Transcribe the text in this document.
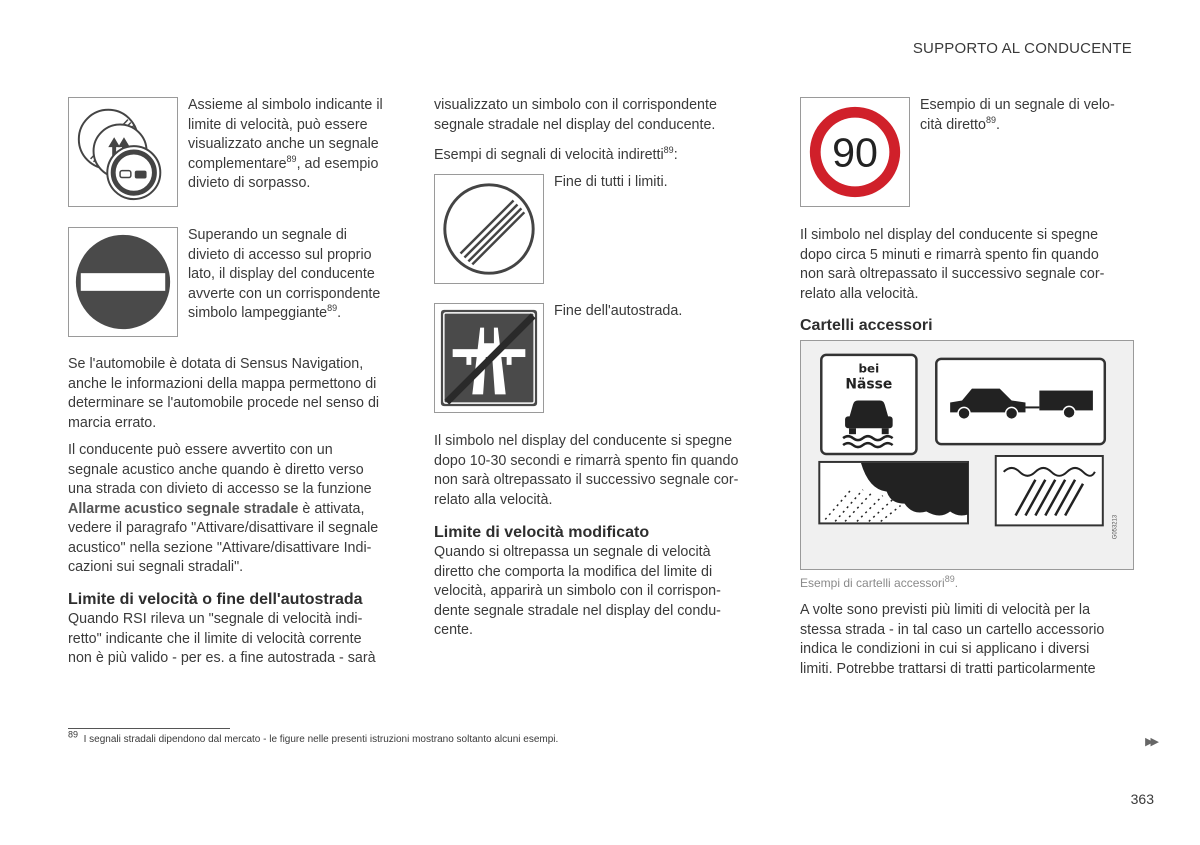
SUPPORTO AL CONDUCENTE

Assieme al simbolo indicante il
limite di velocità, può essere
visualizzato anche un segnale
complementare$^{89}$, ad esempio
divieto di sorpasso.

Superando un segnale di
divieto di accesso sul proprio
lato, il display del conducente
avverte con un corrispondente
simbolo lampeggiante$^{89}$.

Se l'automobile è dotata di Sensus Navigation,
anche le informazioni della mappa permettono di
determinare se l'automobile procede nel senso di
marcia errato.

Il conducente può essere avvertito con un
segnale acustico anche quando è diretto verso
una strada con divieto di accesso se la funzione
Allarme acustico segnale stradale è attivata,
vedere il paragrafo "Attivare/disattivare il segnale
acustico" nella sezione "Attivare/disattivare Indi-
cazioni sui segnali stradali".

Limite di velocità o fine dell'autostrada

Quando RSI rileva un "segnale di velocità indi-
retto" indicante che il limite di velocità corrente
non è più valido - per es. a fine autostrada - sarà

visualizzato un simbolo con il corrispondente
segnale stradale nel display del conducente.

Esempi di segnali di velocità indiretti$^{89}$:

Fine di tutti i limiti.

Fine dell'autostrada.

Il simbolo nel display del conducente si spegne
dopo 10-30 secondi e rimarrà spento fin quando
non sarà oltrepassato il successivo segnale cor-
relato alla velocità.

Limite di velocità modificato

Quando si oltrepassa un segnale di velocità
diretto che comporta la modifica del limite di
velocità, apparirà un simbolo con il corrispon-
dente segnale stradale nel display del condu-
cente.

90

Esempio di un segnale di velo-
cità diretto$^{89}$.

Il simbolo nel display del conducente si spegne
dopo circa 5 minuti e rimarrà spento fin quando
non sarà oltrepassato il successivo segnale cor-
relato alla velocità.

Cartelli accessori
bei
Nässe
G053213
Esempi di cartelli accessori$^{89}$.

A volte sono previsti più limiti di velocità per la
stessa strada - in tal caso un cartello accessorio
indica le condizioni in cui si applicano i diversi
limiti. Potrebbe trattarsi di tratti particolarmente

$^{89}$ I segnali stradali dipendono dal mercato - le figure nelle presenti istruzioni mostrano soltanto alcuni esempi.	▶▶
363
